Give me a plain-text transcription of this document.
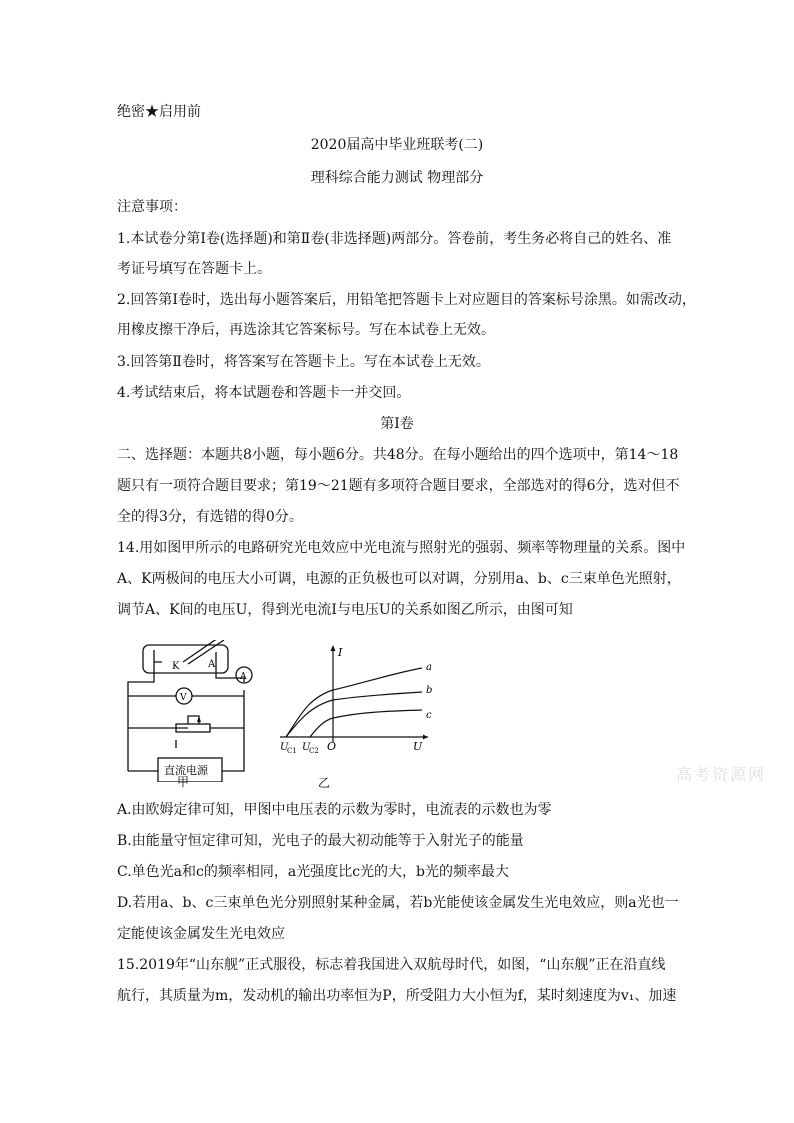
绝密★启用前
2020届高中毕业班联考(二)
理科综合能力测试 物理部分
注意事项：
1.本试卷分第Ⅰ卷(选择题)和第Ⅱ卷(非选择题)两部分。答卷前，考生务必将自己的姓名、准
考证号填写在答题卡上。
2.回答第Ⅰ卷时，选出每小题答案后，用铅笔把答题卡上对应题目的答案标号涂黑。如需改动，
用橡皮擦干净后，再选涂其它答案标号。写在本试卷上无效。
3.回答第Ⅱ卷时，将答案写在答题卡上。写在本试卷上无效。
4.考试结束后，将本试题卷和答题卡一并交回。
第Ⅰ卷
二、选择题：本题共8小题，每小题6分。共48分。在每小题给出的四个选项中，第14～18
题只有一项符合题目要求；第19～21题有多项符合题目要求，全部选对的得6分，选对但不
全的得3分，有选错的得0分。
14.用如图甲所示的电路研究光电效应中光电流与照射光的强弱、频率等物理量的关系。图中
A、K两极间的电压大小可调，电源的正负极也可以对调，分别用a、b、c三束单色光照射，
调节A、K间的电压U，得到光电流I与电压U的关系如图乙所示，由图可知
K	A
A
V
直流电源
甲
I
U
O
U
C1 U
C2
a
b
c
乙	高考资源网
A.由欧姆定律可知，甲图中电压表的示数为零时，电流表的示数也为零
B.由能量守恒定律可知，光电子的最大初动能等于入射光子的能量
C.单色光a和c的频率相同，a光强度比c光的大，b光的频率最大
D.若用a、b、c三束单色光分别照射某种金属，若b光能使该金属发生光电效应，则a光也一
定能使该金属发生光电效应
15.2019年“山东舰”正式服役，标志着我国进入双航母时代，如图，“山东舰”正在沿直线
航行，其质量为m，发动机的输出功率恒为P，所受阻力大小恒为f，某时刻速度为v₁、加速
